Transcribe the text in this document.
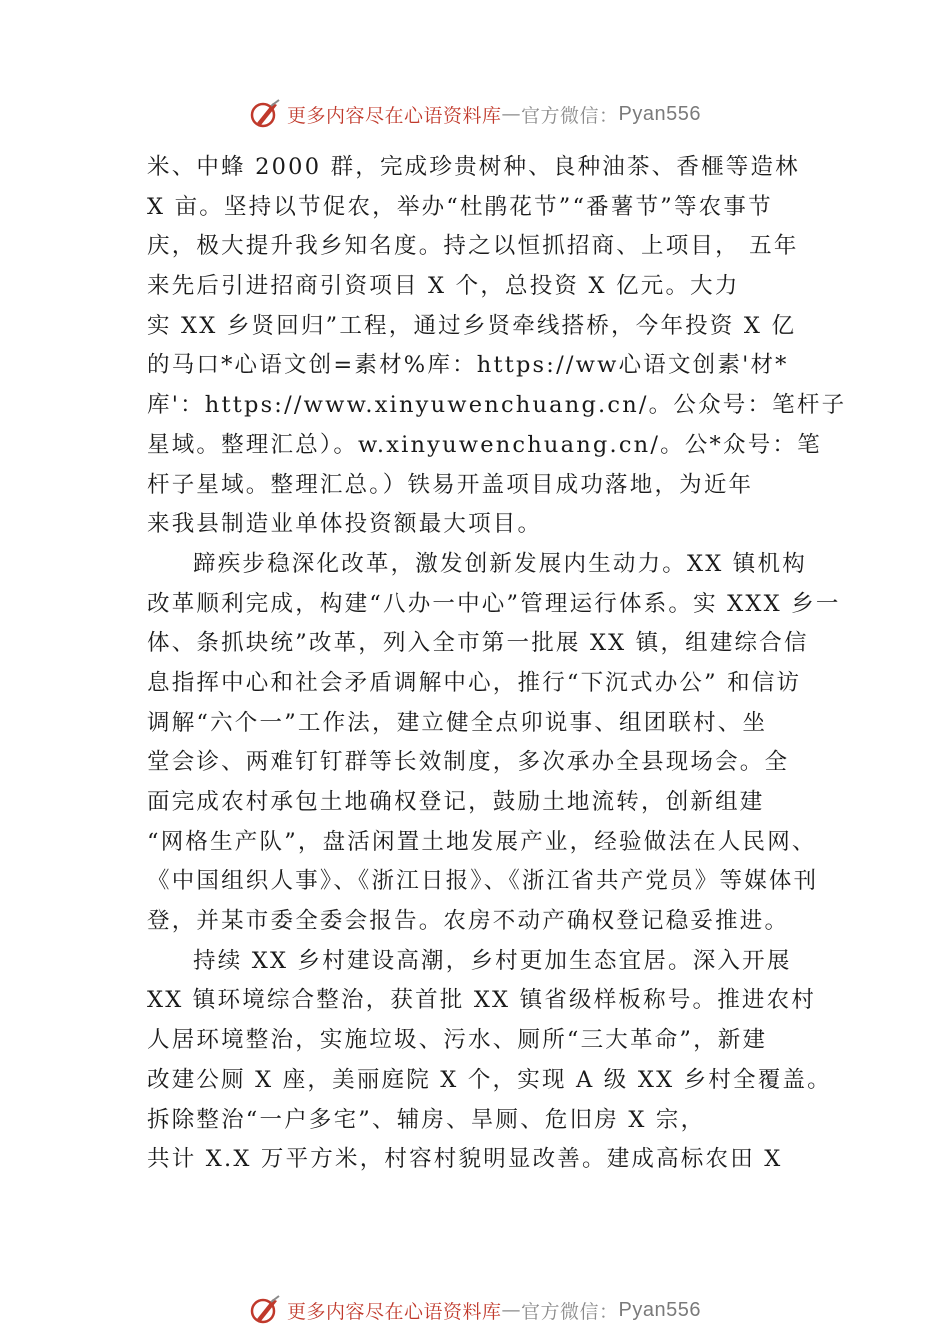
更多内容尽在心语资料库 — 官方微信： Pyan556
米、中蜂 2000 群，完成珍贵树种、良种油茶、香榧等造林
X 亩。坚持以节促农，举办“杜鹃花节”“番薯节”等农事节
庆，极大提升我乡知名度。持之以恒抓招商、上项目， 五年
来先后引进招商引资项目 X 个，总投资 X 亿元。大力
实 XX 乡贤回归”工程，通过乡贤牵线搭桥，今年投资 X 亿
的马口*心语文创=素材%库：https://ww心语文创素'材*
库'：https://www.xinyuwenchuang.cn/。公众号：笔杆子
星域。整理汇总）。w.xinyuwenchuang.cn/。公*众号：笔
杆子星域。整理汇总。）铁易开盖项目成功落地，为近年
来我县制造业单体投资额最大项目。
蹄疾步稳深化改革，激发创新发展内生动力。XX 镇机构
改革顺利完成，构建“八办一中心”管理运行体系。实 XXX 乡一
体、条抓块统”改革，列入全市第一批展 XX 镇，组建综合信
息指挥中心和社会矛盾调解中心，推行“下沉式办公” 和信访
调解“六个一”工作法，建立健全点卯说事、组团联村、坐
堂会诊、两难钉钉群等长效制度，多次承办全县现场会。全
面完成农村承包土地确权登记，鼓励土地流转，创新组建
“网格生产队”，盘活闲置土地发展产业，经验做法在人民网、
《中国组织人事》、《浙江日报》、《浙江省共产党员》等媒体刊
登，并某市委全委会报告。农房不动产确权登记稳妥推进。
持续 XX 乡村建设高潮，乡村更加生态宜居。深入开展
XX 镇环境综合整治，获首批 XX 镇省级样板称号。推进农村
人居环境整治，实施垃圾、污水、厕所“三大革命”，新建
改建公厕 X 座，美丽庭院 X 个，实现 A 级 XX 乡村全覆盖。
拆除整治“一户多宅”、辅房、旱厕、危旧房 X 宗，
共计 X.X 万平方米，村容村貌明显改善。建成高标农田 X
更多内容尽在心语资料库 — 官方微信： Pyan556
